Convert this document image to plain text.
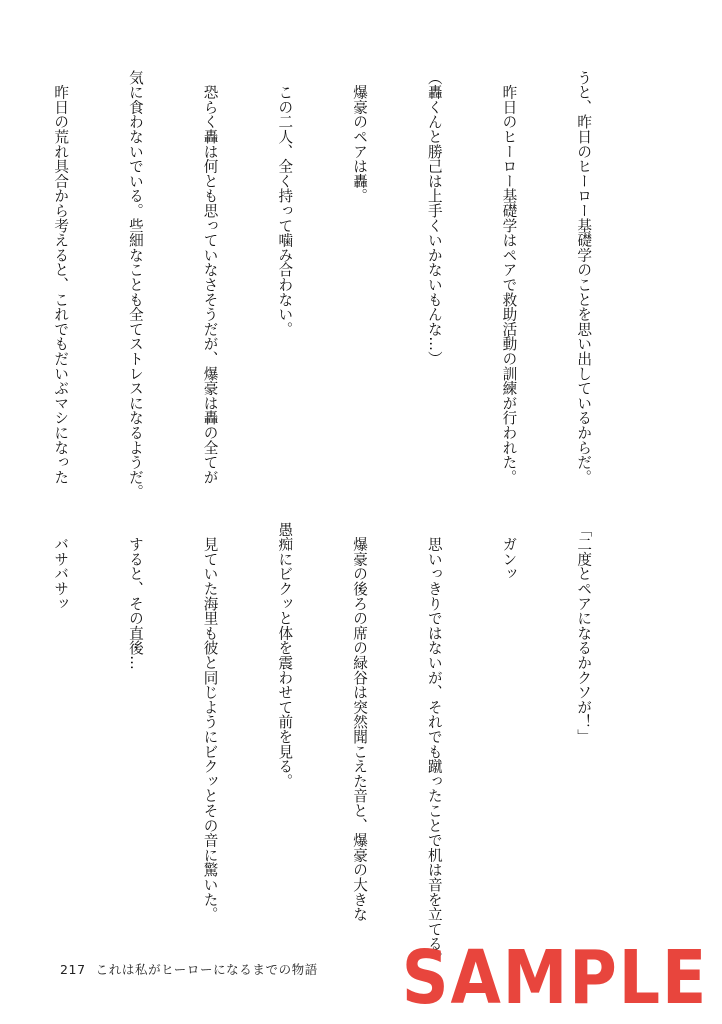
うと、昨日のヒーロー基礎学のことを思い出しているからだ。

　昨日のヒーロー基礎学はペアで救助活動の訓練が行われた。

（轟くんと勝己は上手くいかないもんな…）

　爆豪のペアは轟。

　この二人、全く持って噛み合わない。

　恐らく轟は何とも思っていなさそうだが、爆豪は轟の全てが

気に食わないでいる。些細なことも全てストレスになるようだ。

　昨日の荒れ具合から考えると、これでもだいぶマシになった

「二度とペアになるかクソが！」

　ガンッ

　思いっきりではないが、それでも蹴ったことで机は音を立てる。

　爆豪の後ろの席の緑谷は突然聞こえた音と、爆豪の大きな

愚痴にビクッと体を震わせて前を見る。

　見ていた海里も彼と同じようにビクッとその音に驚いた。

　すると、その直後…

　バサバサッ

217 これは私がヒーローになるまでの物語 SAMPLE
